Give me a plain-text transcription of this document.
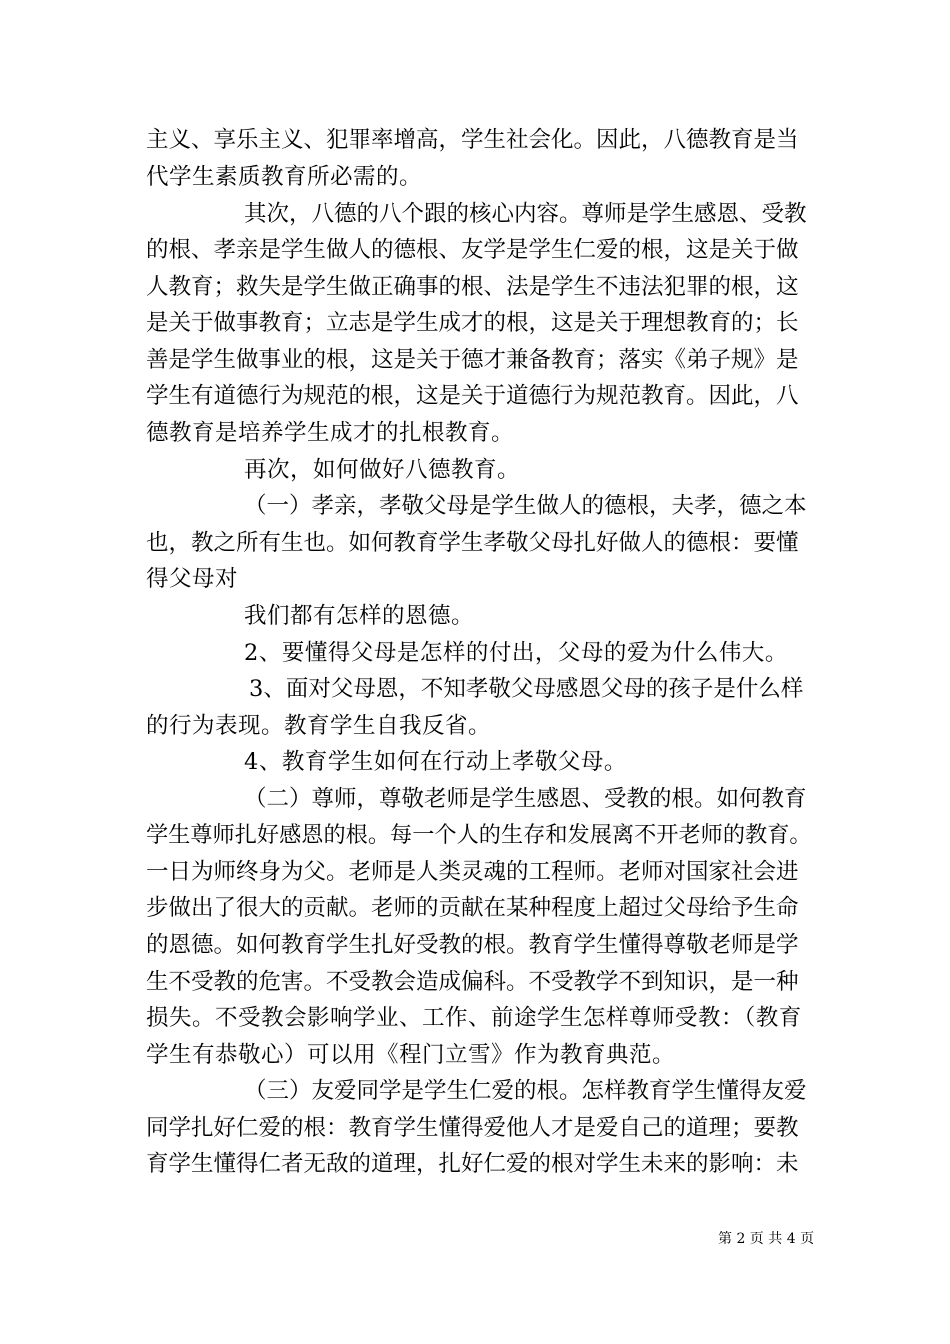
主义、享乐主义、犯罪率增高，学生社会化。因此，八德教育是当
代学生素质教育所必需的。
其次，八德的八个跟的核心内容。尊师是学生感恩、受教
的根、孝亲是学生做人的德根、友学是学生仁爱的根，这是关于做
人教育；救失是学生做正确事的根、法是学生不违法犯罪的根，这
是关于做事教育；立志是学生成才的根，这是关于理想教育的；长
善是学生做事业的根，这是关于德才兼备教育；落实《弟子规》是
学生有道德行为规范的根，这是关于道德行为规范教育。因此，八
德教育是培养学生成才的扎根教育。
再次，如何做好八德教育。
（一）孝亲，孝敬父母是学生做人的德根，夫孝，德之本
也，教之所有生也。如何教育学生孝敬父母扎好做人的德根：要懂
得父母对
我们都有怎样的恩德。
2、要懂得父母是怎样的付出，父母的爱为什么伟大。
3、面对父母恩，不知孝敬父母感恩父母的孩子是什么样
的行为表现。教育学生自我反省。
4、教育学生如何在行动上孝敬父母。
（二）尊师，尊敬老师是学生感恩、受教的根。如何教育
学生尊师扎好感恩的根。每一个人的生存和发展离不开老师的教育。
一日为师终身为父。老师是人类灵魂的工程师。老师对国家社会进
步做出了很大的贡献。老师的贡献在某种程度上超过父母给予生命
的恩德。如何教育学生扎好受教的根。教育学生懂得尊敬老师是学
生不受教的危害。不受教会造成偏科。不受教学不到知识，是一种
损失。不受教会影响学业、工作、前途学生怎样尊师受教：（教育
学生有恭敬心）可以用《程门立雪》作为教育典范。
（三）友爱同学是学生仁爱的根。怎样教育学生懂得友爱
同学扎好仁爱的根：教育学生懂得爱他人才是爱自己的道理；要教
育学生懂得仁者无敌的道理，扎好仁爱的根对学生未来的影响：未
第 2 页 共 4 页
